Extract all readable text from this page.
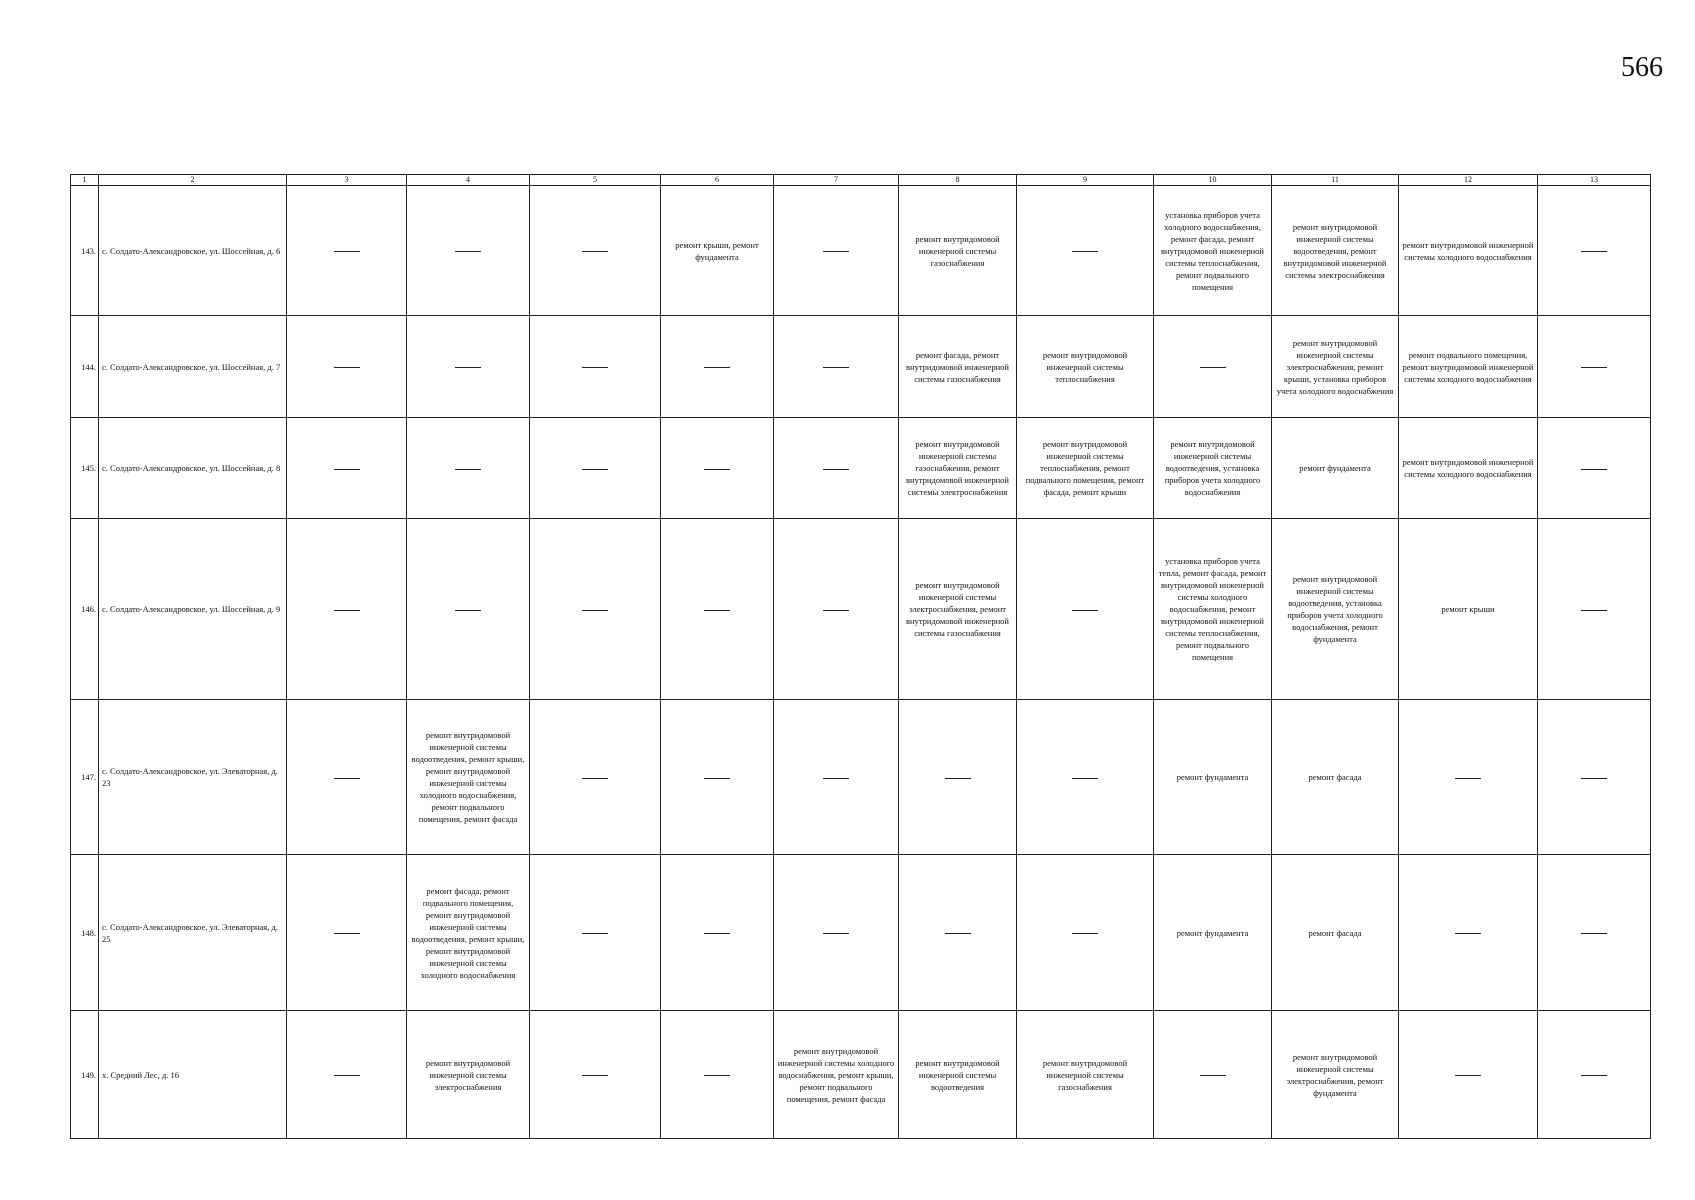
566
1	2	3	4	5	6	7	8	9	10	11	12	13
143.	с. Солдато-Александровское, ул. Шоссейная, д. 6				ремонт крыши, ремонт фундамента		ремонт внутридомовой инженерной системы газоснабжения		установка приборов учета холодного водоснабжения, ремонт фасада, ремонт внутридомовой инженерной системы теплоснабжения, ремонт подвального помещения	ремонт внутридомовой инженерной системы водоотведения, ремонт внутридомовой инженерной системы электроснабжения	ремонт внутридомовой инженерной системы холодного водоснабжения	
144.	с. Солдато-Александровское, ул. Шоссейная, д. 7						ремонт фасада, ремонт внутридомовой инженерной системы газоснабжения	ремонт внутридомовой инженерной системы теплоснабжения		ремонт внутридомовой инженерной системы электроснабжения, ремонт крыши, установка приборов учета холодного водоснабжения	ремонт подвального помещения, ремонт внутридомовой инженерной системы холодного водоснабжения	
145.	с. Солдато-Александровское, ул. Шоссейная, д. 8						ремонт внутридомовой инженерной системы газоснабжения, ремонт внутридомовой инженерной системы электроснабжения	ремонт внутридомовой инженерной системы теплоснабжения, ремонт подвального помещения, ремонт фасада, ремонт крыши	ремонт внутридомовой инженерной системы водоотведения, установка приборов учета холодного водоснабжения	ремонт фундамента	ремонт внутридомовой инженерной системы холодного водоснабжения	
146.	с. Солдато-Александровское, ул. Шоссейная, д. 9						ремонт внутридомовой инженерной системы электроснабжения, ремонт внутридомовой инженерной системы газоснабжения		установка приборов учета тепла, ремонт фасада, ремонт внутридомовой инженерной системы холодного водоснабжения, ремонт внутридомовой инженерной системы теплоснабжения, ремонт подвального помещения	ремонт внутридомовой инженерной системы водоотведения, установка приборов учета холодного водоснабжения, ремонт фундамента	ремонт крыши	
147.	с. Солдато-Александровское, ул. Элеваторная, д. 23		ремонт внутридомовой инженерной системы водоотведения, ремонт крыши, ремонт внутридомовой инженерной системы холодного водоснабжения, ремонт подвального помещения, ремонт фасада						ремонт фундамента	ремонт фасада		
148.	с. Солдато-Александровское, ул. Элеваторная, д. 25		ремонт фасада, ремонт подвального помещения, ремонт внутридомовой инженерной системы водоотведения, ремонт крыши, ремонт внутридомовой инженерной системы холодного водоснабжения						ремонт фундамента	ремонт фасада		
149.	х. Средний Лес, д. 16		ремонт внутридомовой инженерной системы электроснабжения			ремонт внутридомовой инженерной системы холодного водоснабжения, ремонт крыши, ремонт подвального помещения, ремонт фасада	ремонт внутридомовой инженерной системы водоотведения	ремонт внутридомовой инженерной системы газоснабжения		ремонт внутридомовой инженерной системы электроснабжения, ремонт фундамента		
